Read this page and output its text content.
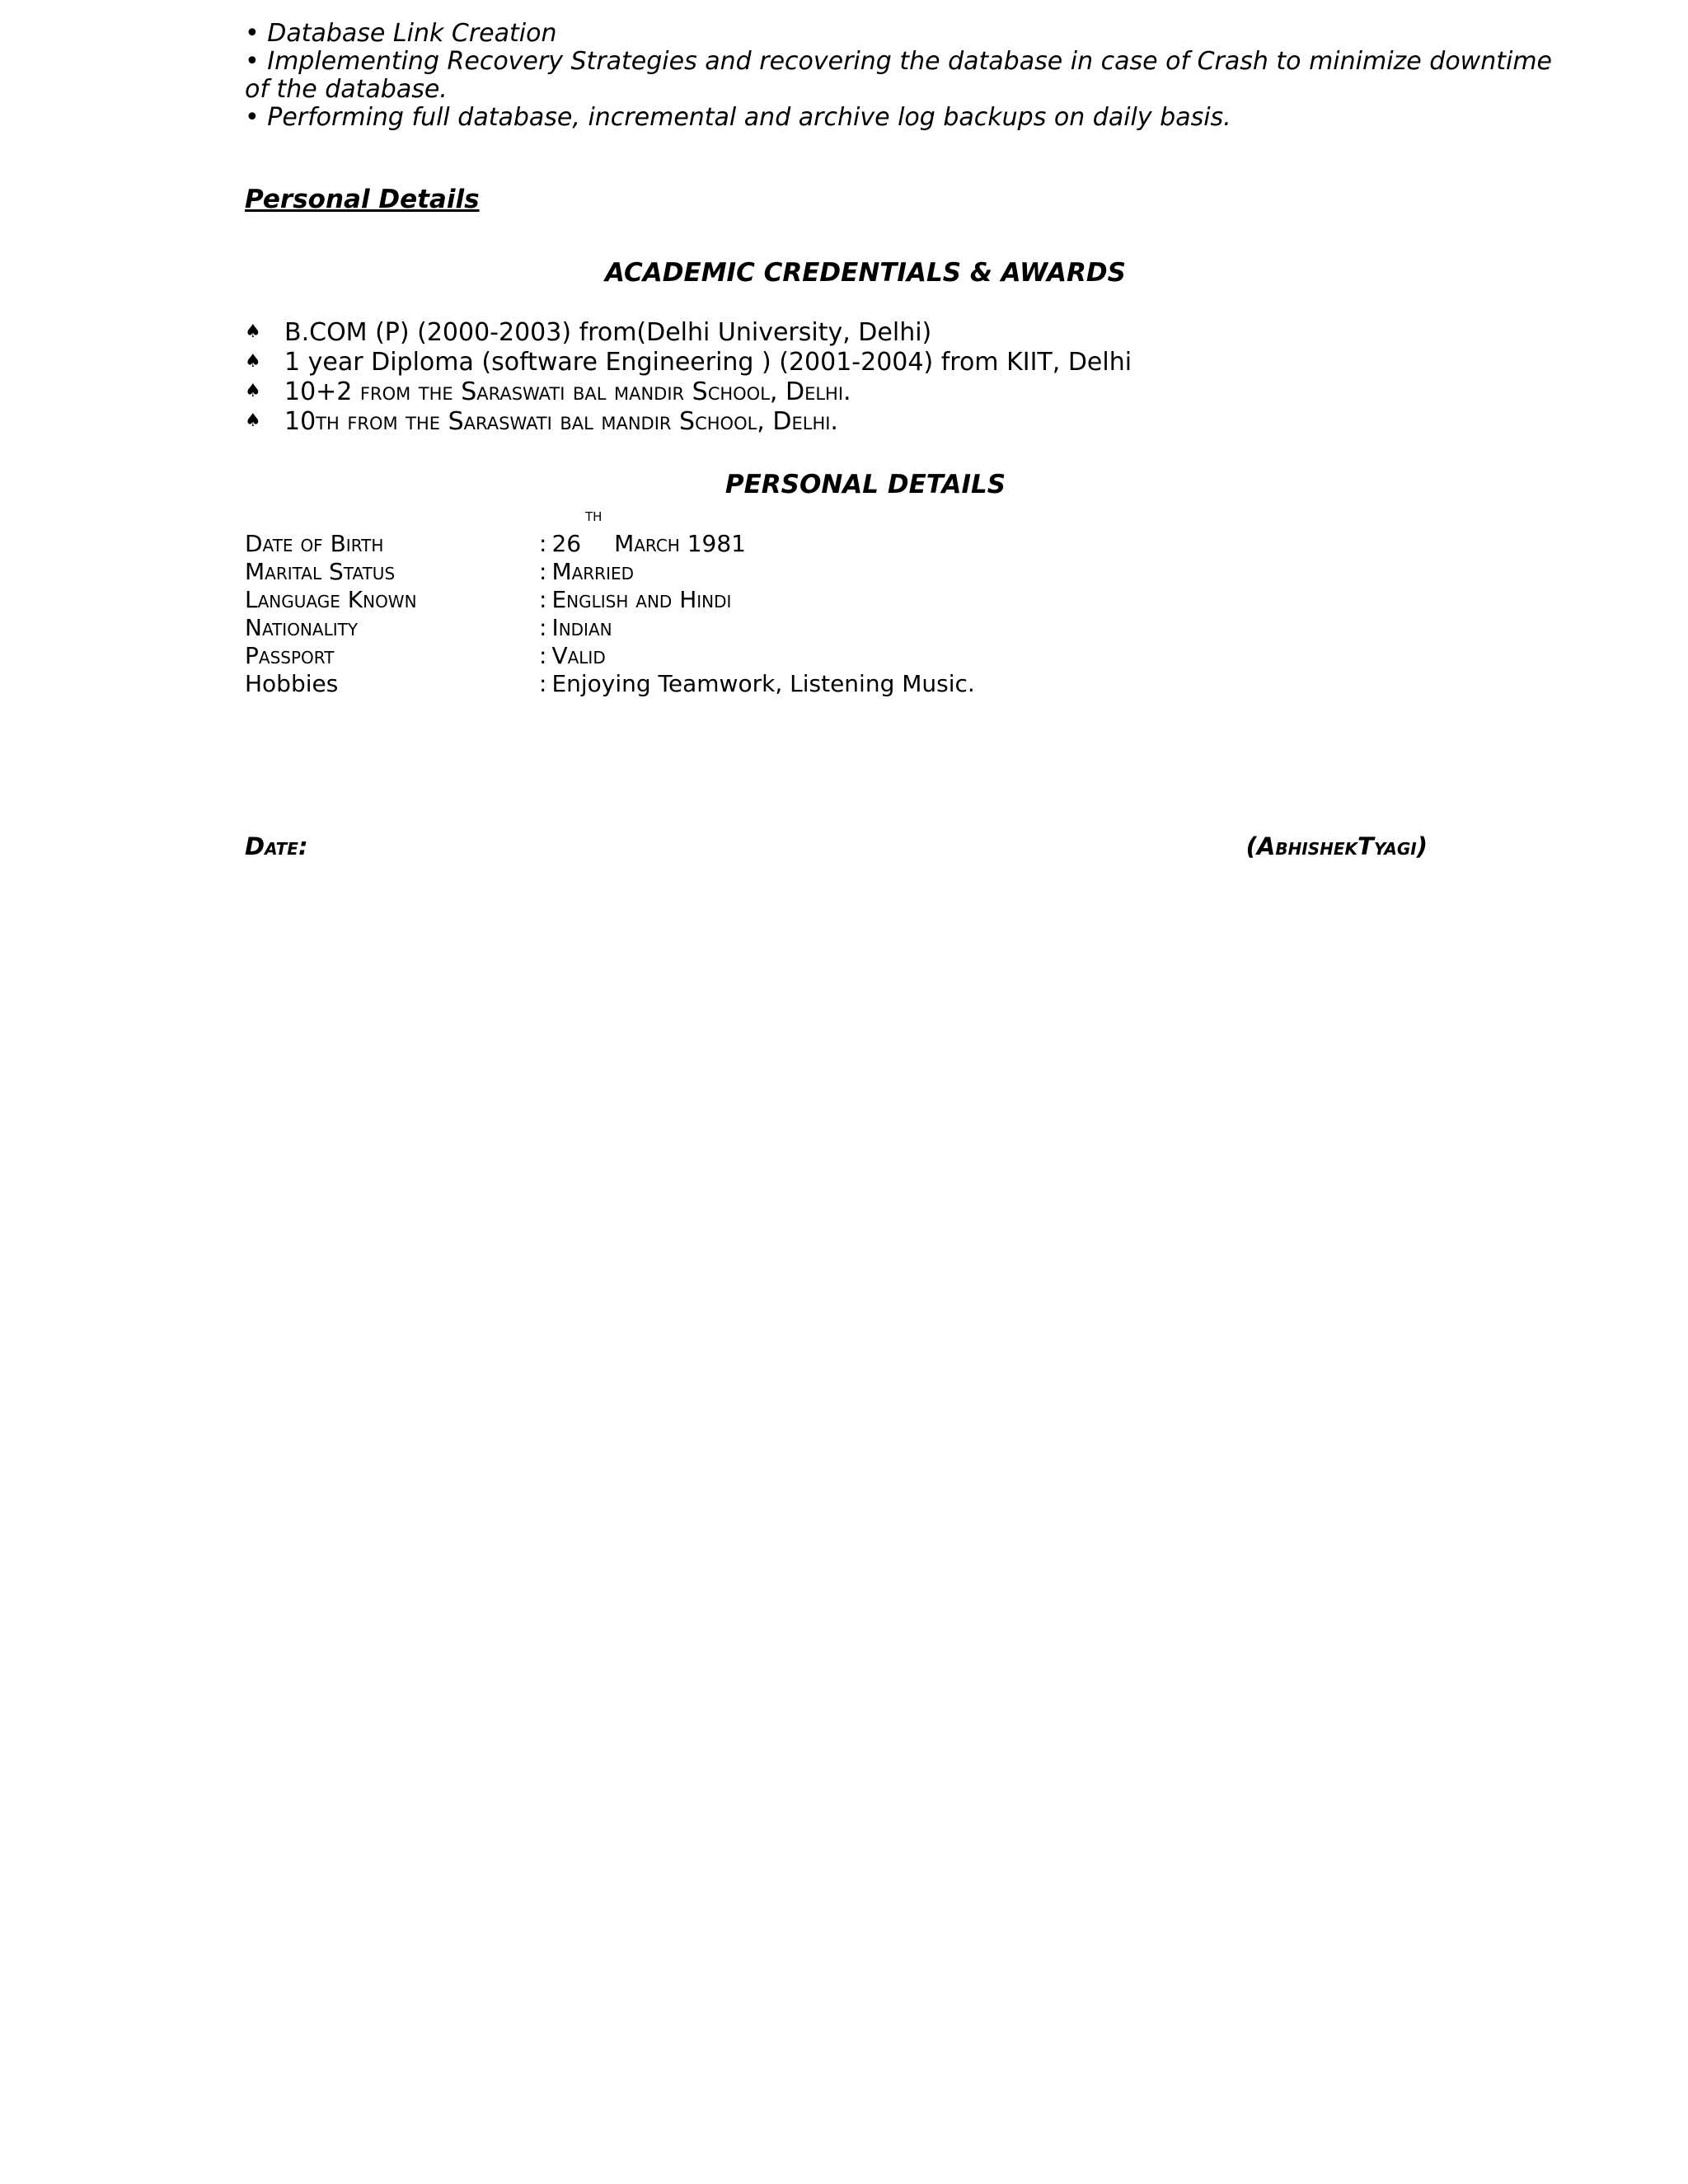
• Database Link Creation
• Implementing Recovery Strategies and recovering the database in case of Crash to minimize downtime
of the database.
• Performing full database, incremental and archive log backups on daily basis.
Personal Details
ACADEMIC CREDENTIALS & AWARDS
♠ B.COM (P) (2000-2003) from(Delhi University, Delhi)
♠ 1 year Diploma (software Engineering ) (2001-2004) from KIIT, Delhi
♠ 10+2 from the Saraswati bal mandir School, Delhi.
♠ 10th from the Saraswati bal mandir School, Delhi.
PERSONAL DETAILS
th
Date of Birth	: 26 March 1981
Marital Status	: Married
Language Known	: English and Hindi
Nationality	: Indian
Passport	: Valid
Hobbies	: Enjoying Teamwork, Listening Music.
Date:	(AbhishekTyagi)
